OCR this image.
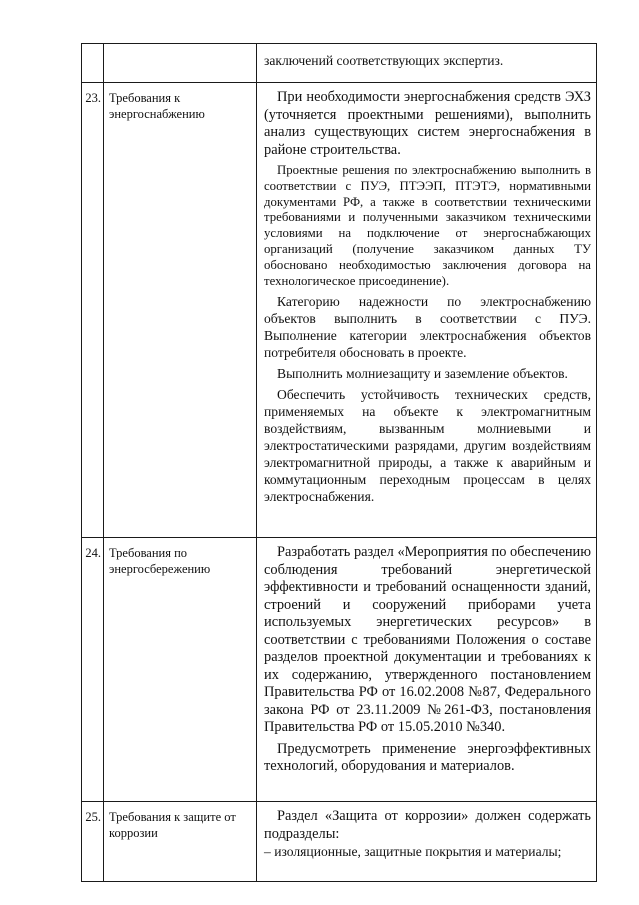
		заключений соответствующих экспертиз.

23.	Требования к энергоснабжению	При необходимости энергоснабжения средств ЭХЗ (уточняется проектными решениями), выполнить анализ существующих систем энергоснабжения в районе строительства.

Проектные решения по электроснабжению выполнить в соответствии с ПУЭ, ПТЭЭП, ПТЭТЭ, нормативными документами РФ, а также в соответствии техническими требованиями и полученными заказчиком техническими условиями на подключение от энергоснабжающих организаций (получение заказчиком данных ТУ обосновано необходимостью заключения договора на технологическое присоединение).

Категорию надежности по электроснабжению объектов выполнить в соответствии с ПУЭ. Выполнение категории электроснабжения объектов потребителя обосновать в проекте.

Выполнить молниезащиту и заземление объектов.

Обеспечить устойчивость технических средств, применяемых на объекте к электромагнитным воздействиям, вызванным молниевыми и электростатическими разрядами, другим воздействиям электромагнитной природы, а также к аварийным и коммутационным переходным процессам в целях электроснабжения.

24.	Требования по энергосбережению	Разработать раздел «Мероприятия по обеспечению соблюдения требований энергетической эффективности и требований оснащенности зданий, строений и сооружений приборами учета используемых энергетических ресурсов» в соответствии с требованиями Положения о составе разделов проектной документации и требованиях к их содержанию, утвержденного постановлением Правительства РФ от 16.02.2008 №87, Федерального закона РФ от 23.11.2009 №261-ФЗ, постановления Правительства РФ от 15.05.2010 №340.

Предусмотреть применение энергоэффективных технологий, оборудования и материалов.

25.	Требования к защите от коррозии	Раздел «Защита от коррозии» должен содержать подразделы:

– изоляционные, защитные покрытия и материалы;
